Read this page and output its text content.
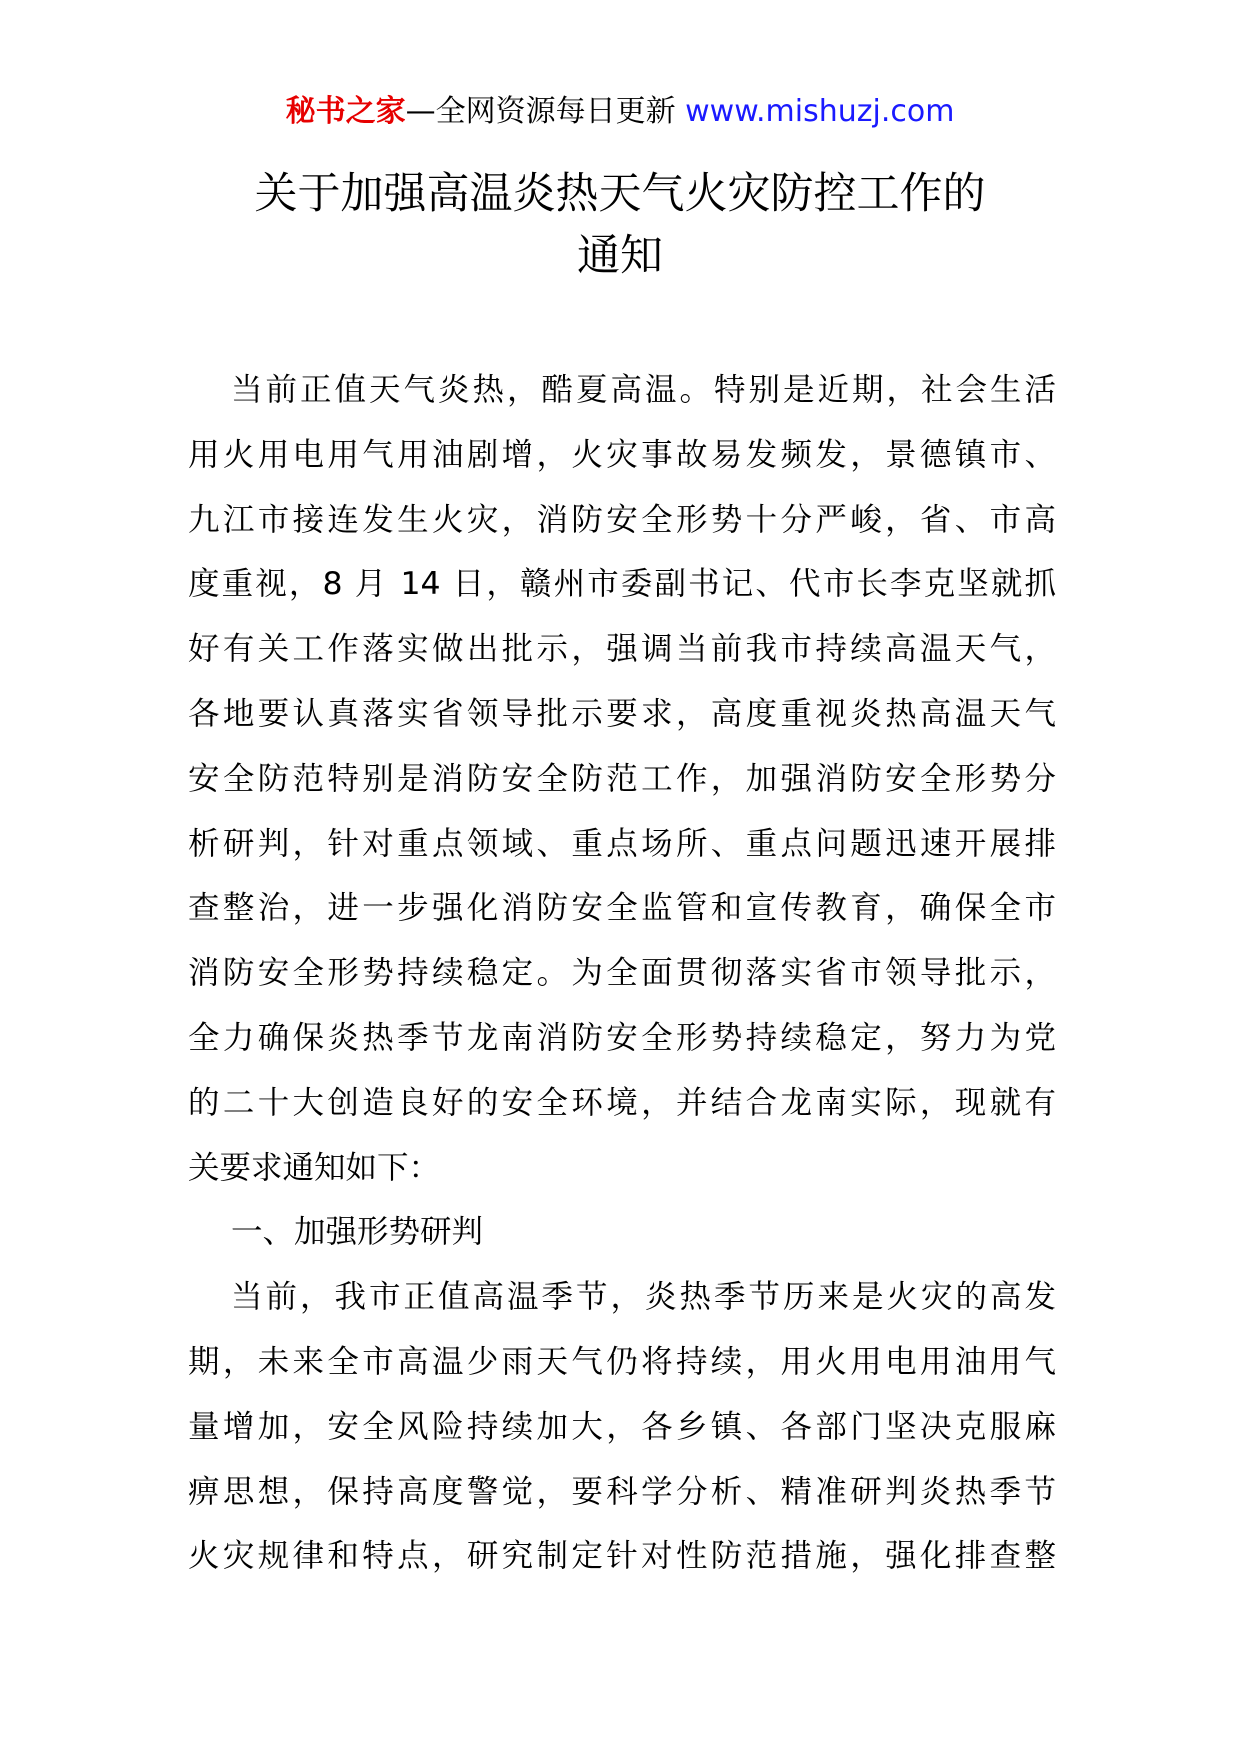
秘书之家—全网资源每日更新 www.mishuzj.com
关于加强高温炎热天气火灾防控工作的
通知
当前正值天气炎热，酷夏高温。特别是近期，社会生活
用火用电用气用油剧增，火灾事故易发频发，景德镇市、
九江市接连发生火灾，消防安全形势十分严峻，省、市高
度重视，8 月 14 日，赣州市委副书记、代市长李克坚就抓
好有关工作落实做出批示，强调当前我市持续高温天气，
各地要认真落实省领导批示要求，高度重视炎热高温天气
安全防范特别是消防安全防范工作，加强消防安全形势分
析研判，针对重点领域、重点场所、重点问题迅速开展排
查整治，进一步强化消防安全监管和宣传教育，确保全市
消防安全形势持续稳定。为全面贯彻落实省市领导批示，
全力确保炎热季节龙南消防安全形势持续稳定，努力为党
的二十大创造良好的安全环境，并结合龙南实际，现就有
关要求通知如下：
一、加强形势研判
当前，我市正值高温季节，炎热季节历来是火灾的高发
期，未来全市高温少雨天气仍将持续，用火用电用油用气
量增加，安全风险持续加大，各乡镇、各部门坚决克服麻
痹思想，保持高度警觉，要科学分析、精准研判炎热季节
火灾规律和特点，研究制定针对性防范措施，强化排查整
